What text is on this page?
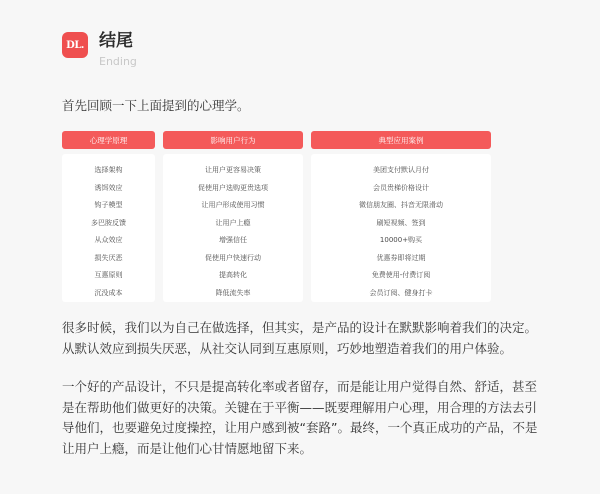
DL. 结尾
Ending
首先回顾一下上面提到的心理学。
心理学原理
选择架构
诱饵效应
钩子模型
多巴胺反馈
从众效应
损失厌恶
互惠原则
沉没成本
影响用户行为
让用户更容易决策
促使用户选购更贵选项
让用户形成使用习惯
让用户上瘾
增强信任
促使用户快速行动
提高转化
降低流失率
典型应用案例
美团支付默认月付
会员贵梯价格设计
微信朋友圈、抖音无限滑动
刷短视频、签到
10000+购买
优惠券即将过期
免费使用-付费订阅
会员订阅、健身打卡

很多时候，我们以为自己在做选择，但其实，是产品的设计在默默影响着我们的决定。从默认效应到损失厌恶，从社交认同到互惠原则，巧妙地塑造着我们的用户体验。

一个好的产品设计，不只是提高转化率或者留存，而是能让用户觉得自然、舒适，甚至是在帮助他们做更好的决策。关键在于平衡——既要理解用户心理，用合理的方法去引导他们，也要避免过度操控，让用户感到被“套路”。最终，一个真正成功的产品，不是让用户上瘾，而是让他们心甘情愿地留下来。
